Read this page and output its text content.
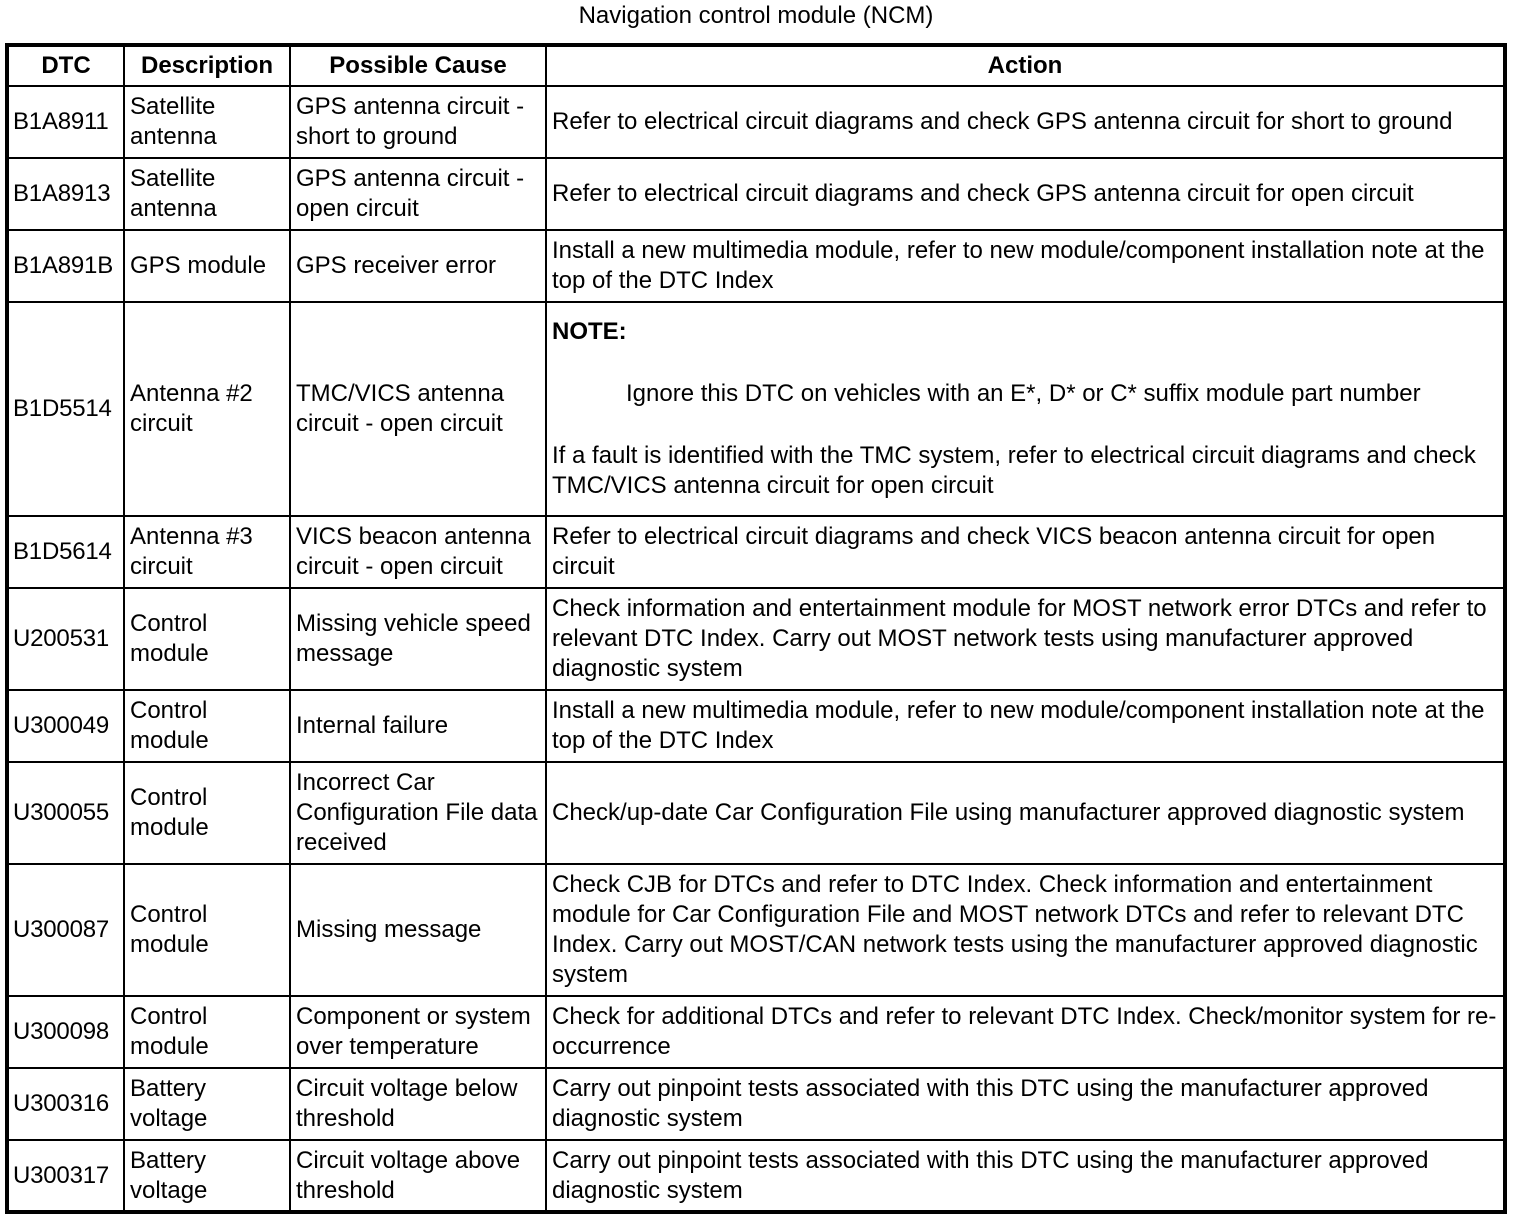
Navigation control module (NCM)
DTC	Description	Possible Cause	Action
B1A8911	Satellite antenna	GPS antenna circuit - short to ground	Refer to electrical circuit diagrams and check GPS antenna circuit for short to ground
B1A8913	Satellite antenna	GPS antenna circuit - open circuit	Refer to electrical circuit diagrams and check GPS antenna circuit for open circuit
B1A891B	GPS module	GPS receiver error	Install a new multimedia module, refer to new module/component installation note at the top of the DTC Index
B1D5514	Antenna #2 circuit	TMC/VICS antenna circuit - open circuit	NOTE:
Ignore this DTC on vehicles with an E*, D* or C* suffix module part number
If a fault is identified with the TMC system, refer to electrical circuit diagrams and check TMC/VICS antenna circuit for open circuit

B1D5614	Antenna #3 circuit	VICS beacon antenna circuit - open circuit	Refer to electrical circuit diagrams and check VICS beacon antenna circuit for open circuit
U200531	Control module	Missing vehicle speed message	Check information and entertainment module for MOST network error DTCs and refer to relevant DTC Index. Carry out MOST network tests using manufacturer approved diagnostic system
U300049	Control module	Internal failure	Install a new multimedia module, refer to new module/component installation note at the top of the DTC Index
U300055	Control module	Incorrect Car Configuration File data received	Check/up-date Car Configuration File using manufacturer approved diagnostic system
U300087	Control module	Missing message	Check CJB for DTCs and refer to DTC Index. Check information and entertainment module for Car Configuration File and MOST network DTCs and refer to relevant DTC Index. Carry out MOST/CAN network tests using the manufacturer approved diagnostic system
U300098	Control module	Component or system over temperature	Check for additional DTCs and refer to relevant DTC Index. Check/monitor system for re-occurrence
U300316	Battery voltage	Circuit voltage below threshold	Carry out pinpoint tests associated with this DTC using the manufacturer approved diagnostic system
U300317	Battery voltage	Circuit voltage above threshold	Carry out pinpoint tests associated with this DTC using the manufacturer approved diagnostic system
